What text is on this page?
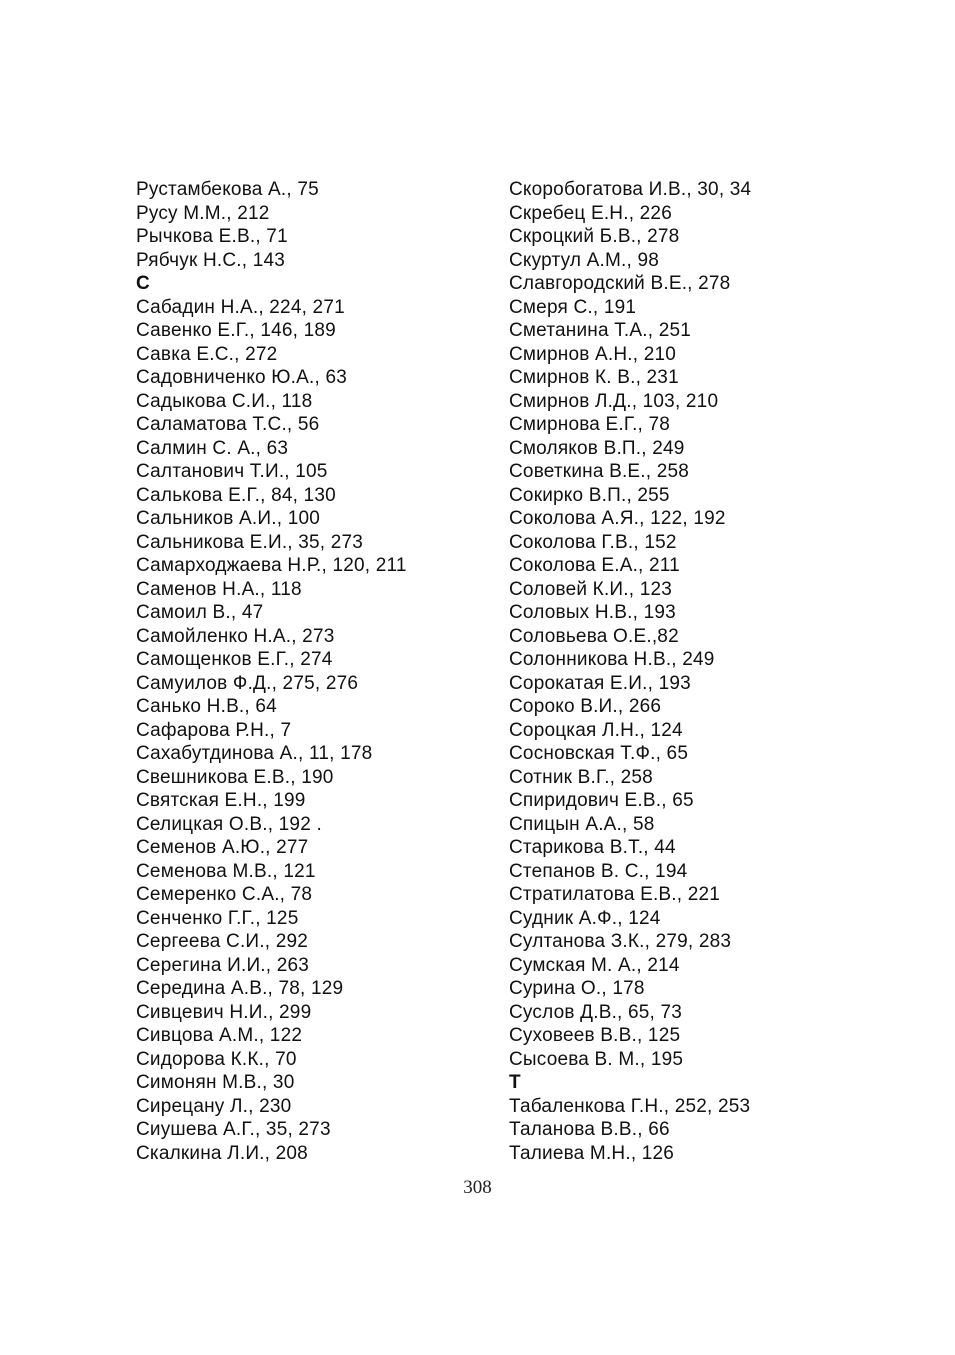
Рустамбекова А., 75
Русу М.М., 212
Рычкова Е.В., 71
Рябчук Н.С., 143
С
Сабадин Н.А., 224, 271
Савенко Е.Г., 146, 189
Савка Е.С., 272
Садовниченко Ю.А., 63
Садыкова С.И., 118
Саламатова Т.С., 56
Салмин С. А., 63
Салтанович Т.И., 105
Салькова Е.Г., 84, 130
Сальников А.И., 100
Сальникова Е.И., 35, 273
Самарходжаева Н.Р., 120, 211
Саменов Н.А., 118
Самоил В., 47
Самойленко Н.А., 273
Самощенков Е.Г., 274
Самуилов Ф.Д., 275, 276
Санько Н.В., 64
Сафарова Р.Н., 7
Сахабутдинова А., 11, 178
Свешникова Е.В., 190
Святская Е.Н., 199
Селицкая О.В., 192 .
Семенов А.Ю., 277
Семенова М.В., 121
Семеренко С.А., 78
Сенченко Г.Г., 125
Сергеева С.И., 292
Серегина И.И., 263
Середина А.В., 78, 129
Сивцевич Н.И., 299
Сивцова А.М., 122
Сидорова К.К., 70
Симонян М.В., 30
Сирецану Л., 230
Сиушева А.Г., 35, 273
Скалкина Л.И., 208
Скоробогатова И.В., 30, 34
Скребец Е.Н., 226
Скроцкий Б.В., 278
Скуртул А.М., 98
Славгородский В.Е., 278
Смеря С., 191
Сметанина Т.А., 251
Смирнов А.Н., 210
Смирнов К. В., 231
Смирнов Л.Д., 103, 210
Смирнова Е.Г., 78
Смоляков В.П., 249
Советкина В.Е., 258
Сокирко В.П., 255
Соколова А.Я., 122, 192
Соколова Г.В., 152
Соколова Е.А., 211
Соловей К.И., 123
Соловых Н.В., 193
Соловьева О.Е.,82
Солонникова Н.В., 249
Сорокатая Е.И., 193
Сороко В.И., 266
Сороцкая Л.Н., 124
Сосновская Т.Ф., 65
Сотник В.Г., 258
Спиридович Е.В., 65
Спицын А.А., 58
Старикова В.Т., 44
Степанов В. С., 194
Стратилатова Е.В., 221
Судник А.Ф., 124
Султанова З.К., 279, 283
Сумская М. А., 214
Сурина О., 178
Суслов Д.В., 65, 73
Суховеев В.В., 125
Сысоева В. М., 195
Т
Табаленкова Г.Н., 252, 253
Таланова В.В., 66
Талиева М.Н., 126
308
